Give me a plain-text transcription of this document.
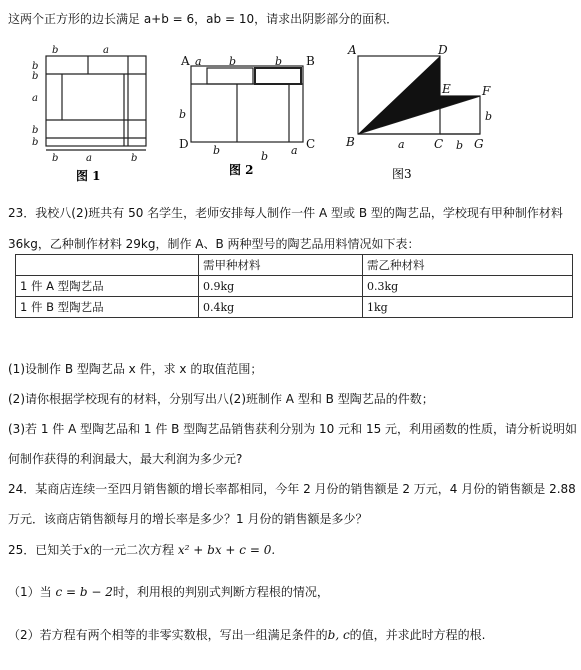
这两个正方形的边长满足 a+b = 6，ab = 10，请求出阴影部分的面积．
b
b
a
b
b
b	a
b	a	b
图 1
A	B
C
D
a b	b
b
b	b a
图 2
A	D
E	F
B	C	G
a	b
b
图3
23．我校八(2)班共有 50 名学生，老师安排每人制作一件 A 型或 B 型的陶艺品，学校现有甲种制作材料
36kg，乙种制作材料 29kg，制作 A、B 两种型号的陶艺品用料情况如下表：
	需甲种材料	需乙种材料
1 件 A 型陶艺品	0.9kg	0.3kg
1 件 B 型陶艺品	0.4kg	1kg
(1)设制作 B 型陶艺品 x 件，求 x 的取值范围；
(2)请你根据学校现有的材料，分别写出八(2)班制作 A 型和 B 型陶艺品的件数；
(3)若 1 件 A 型陶艺品和 1 件 B 型陶艺品销售获利分别为 10 元和 15 元，利用函数的性质，请分析说明如
何制作获得的利润最大，最大利润为多少元?
24．某商店连续一至四月销售额的增长率都相同，今年 2 月份的销售额是 2 万元，4 月份的销售额是 2.88
万元．该商店销售额每月的增长率是多少？1 月份的销售额是多少？
25．已知关于x的一元二次方程 x² + bx + c = 0.
（1）当 c = b − 2时，利用根的判别式判断方程根的情况，
（2）若方程有两个相等的非零实数根，写出一组满足条件的b, c的值，并求此时方程的根.
